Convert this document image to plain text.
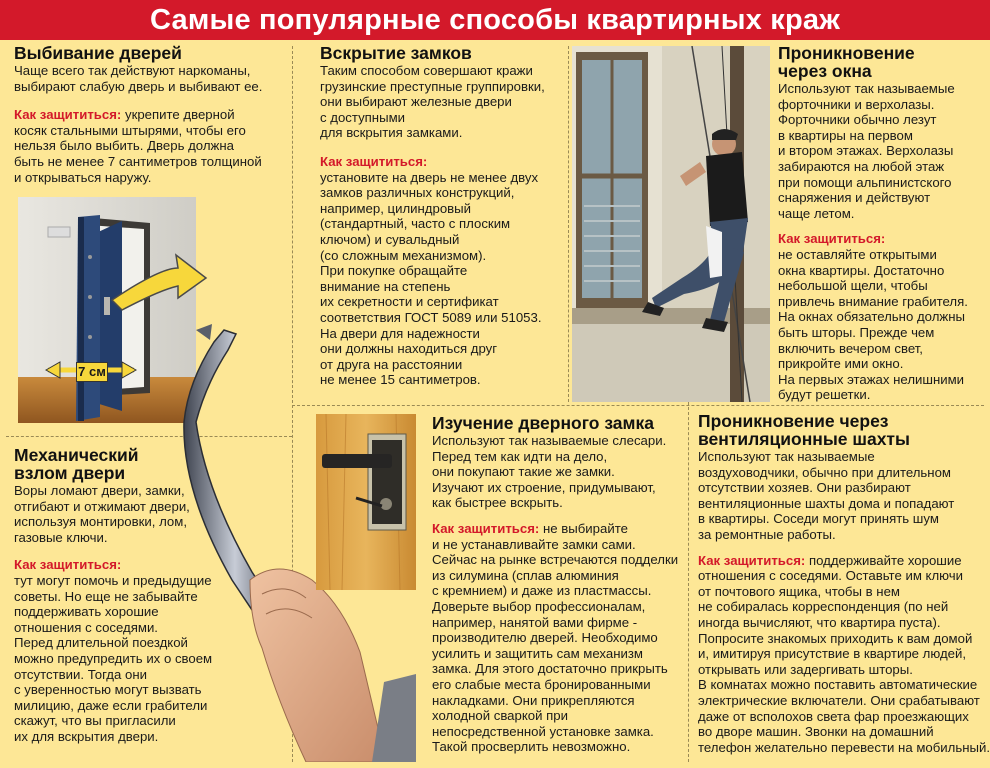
Самые популярные способы квартирных краж
7 см
Выбивание дверей
Чаще всего так действуют наркоманы,
выбирают слабую дверь и выбивают ее.
Как защититься: укрепите дверной
косяк стальными штырями, чтобы его
нельзя было выбить. Дверь должна
быть не менее 7 сантиметров толщиной
и открываться наружу.
Вскрытие замков
Таким способом совершают кражи
грузинские преступные группировки,
они выбирают железные двери
с доступными
для вскрытия замками.
Как защититься:
установите на дверь не менее двух
замков различных конструкций,
например, цилиндровый
(стандартный, часто с плоским
ключом) и сувальдный
(со сложным механизмом).
При покупке обращайте
внимание на степень
их секретности и сертификат
соответствия ГОСТ 5089 или 51053.
На двери для надежности
они должны находиться друг
от друга на расстоянии
не менее 15 сантиметров.
Проникновение
через окна
Используют так называемые
форточники и верхолазы.
Форточники обычно лезут
в квартиры на первом
и втором этажах. Верхолазы
забираются на любой этаж
при помощи альпинистского
снаряжения и действуют
чаще летом.
Как защититься:
не оставляйте открытыми
окна квартиры. Достаточно
небольшой щели, чтобы
привлечь внимание грабителя.
На окнах обязательно должны
быть шторы. Прежде чем
включить вечером свет,
прикройте ими окно.
На первых этажах нелишними
будут решетки.
Механический
взлом двери
Воры ломают двери, замки,
отгибают и отжимают двери,
используя монтировки, лом,
газовые ключи.
Как защититься:
тут могут помочь и предыдущие
советы. Но еще не забывайте
поддерживать хорошие
отношения с соседями.
Перед длительной поездкой
можно предупредить их о своем
отсутствии. Тогда они
с уверенностью могут вызвать
милицию, даже если грабители
скажут, что вы пригласили
их для вскрытия двери.
Изучение дверного замка
Используют так называемые слесари.
Перед тем как идти на дело,
они покупают такие же замки.
Изучают их строение, придумывают,
как быстрее вскрыть.
Как защититься: не выбирайте
и не устанавливайте замки сами.
Сейчас на рынке встречаются подделки
из силумина (сплав алюминия
с кремнием) и даже из пластмассы.
Доверьте выбор профессионалам,
например, нанятой вами фирме -
производителю дверей. Необходимо
усилить и защитить сам механизм
замка. Для этого достаточно прикрыть
его слабые места бронированными
накладками. Они прикрепляются
холодной сваркой при
непосредственной установке замка.
Такой просверлить невозможно.
Проникновение через
вентиляционные шахты
Используют так называемые
воздуховодчики, обычно при длительном
отсутствии хозяев. Они разбирают
вентиляционные шахты дома и попадают
в квартиры. Соседи могут принять шум
за ремонтные работы.
Как защититься: поддерживайте хорошие
отношения с соседями. Оставьте им ключи
от почтового ящика, чтобы в нем
не собиралась корреспонденция (по ней
иногда вычисляют, что квартира пуста).
Попросите знакомых приходить к вам домой
и, имитируя присутствие в квартире людей,
открывать или задергивать шторы.
В комнатах можно поставить автоматические
электрические включатели. Они срабатывают
даже от всполохов света фар проезжающих
во дворе машин. Звонки на домашний
телефон желательно перевести на мобильный.
